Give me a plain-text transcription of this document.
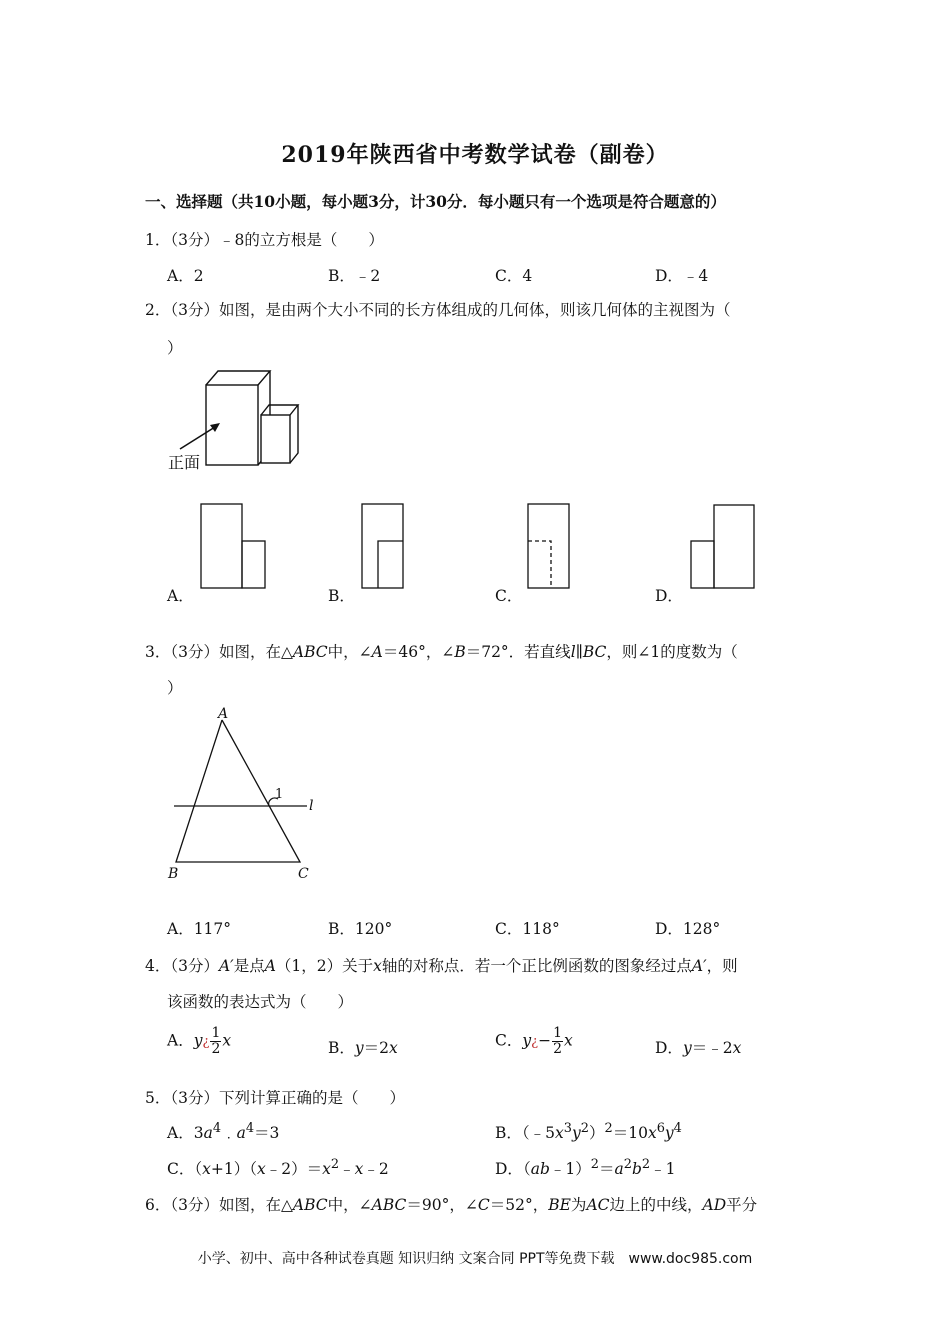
2019年陕西省中考数学试卷（副卷）
一、选择题（共10小题，每小题3分，计30分．每小题只有一个选项是符合题意的）
1．（3分）﹣8的立方根是（　　）
A．2	B．﹣2	C．4	D．﹣4
2．（3分）如图，是由两个大小不同的长方体组成的几何体，则该几何体的主视图为（
）
正面
A．	B．	C．	D．
3．（3分）如图，在△ABC中，∠A＝46°，∠B＝72°．若直线l∥BC，则∠1的度数为（
）
A
B	C
l
1
A．117°	B．120°	C．118°	D．128°
4．（3分）A′是点A（1，2）关于x轴的对称点．若一个正比例函数的图象经过点A′，则
该函数的表达式为（　　）
A．y¿ $\frac{1}{2}$ x	B．y＝2x	C．y¿− $\frac{1}{2}$ x	D．y＝﹣2x
5．（3分）下列计算正确的是（　　）
A．$3a^4﹒a^4=3$	B．$(﹣5x^3y^2)^2=10x^6y^4$
C．$(x+1)(x﹣2)=x^2﹣x﹣2$	D．$(ab﹣1)^2=a^2b^2﹣1$
6．（3分）如图，在△ABC中，∠ABC＝90°，∠C＝52°，BE为AC边上的中线，AD平分
小学、初中、高中各种试卷真题 知识归纳 文案合同 PPT等免费下载　www.doc985.com
